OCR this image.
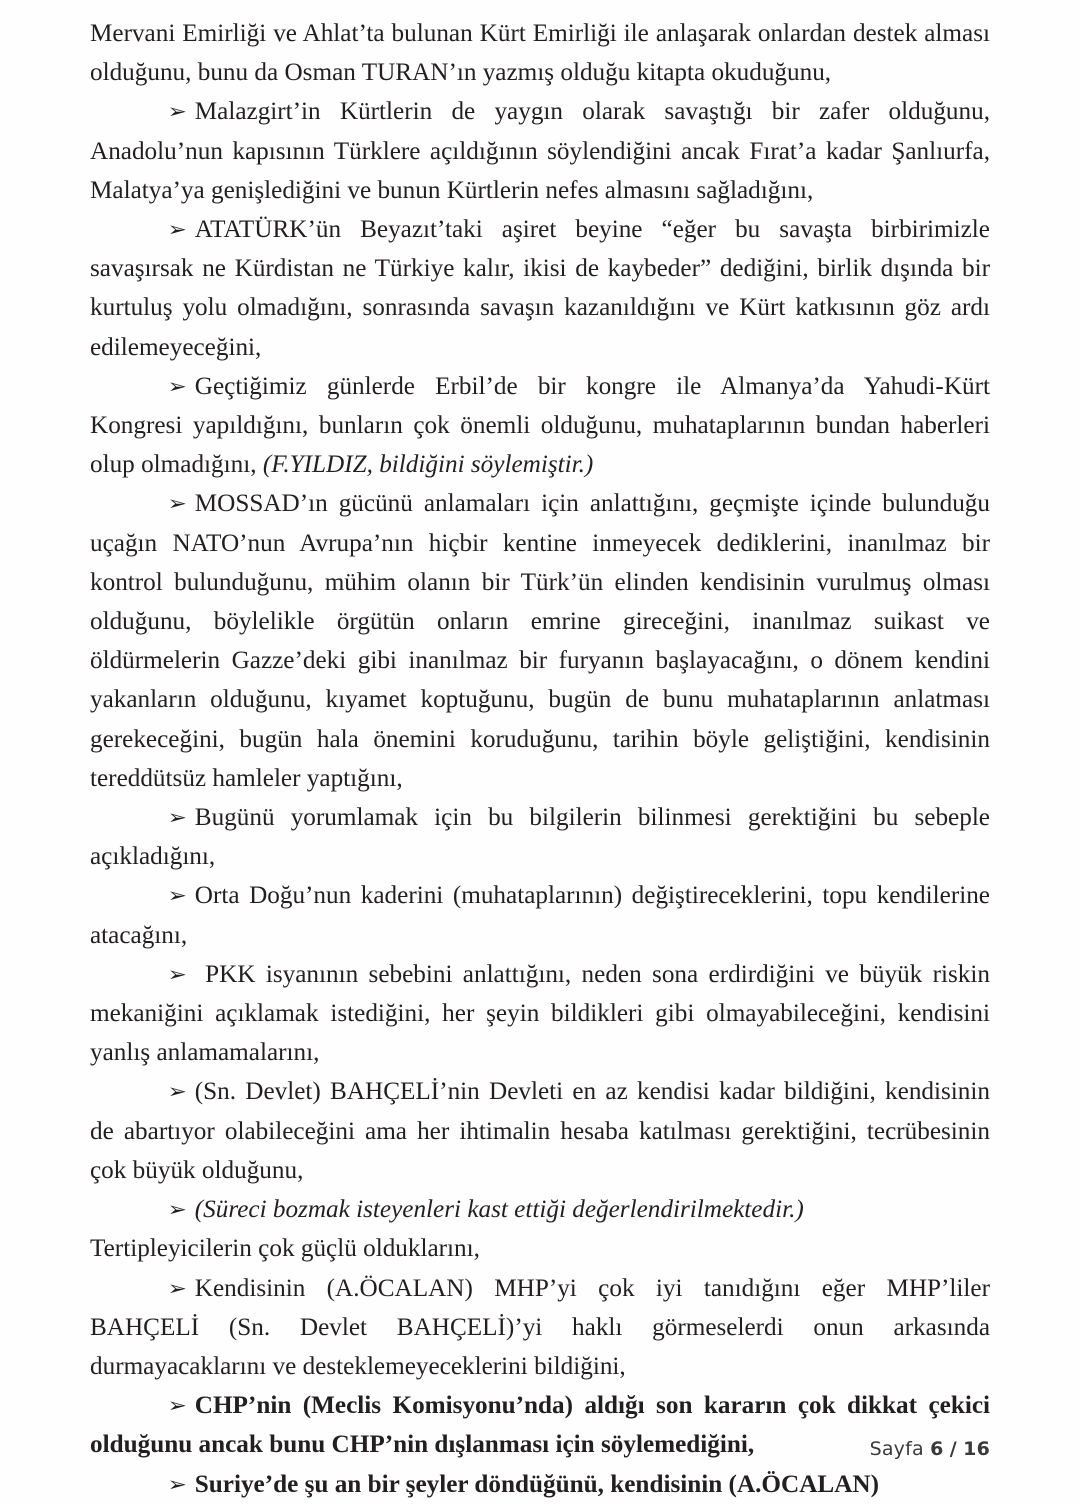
Mervani Emirliği ve Ahlat’ta bulunan Kürt Emirliği ile anlaşarak onlardan destek alması olduğunu, bunu da Osman TURAN’ın yazmış olduğu kitapta okuduğunu,

➢ Malazgirt’in Kürtlerin de yaygın olarak savaştığı bir zafer olduğunu, Anadolu’nun kapısının Türklere açıldığının söylendiğini ancak Fırat’a kadar Şanlıurfa, Malatya’ya genişlediğini ve bunun Kürtlerin nefes almasını sağladığını,

➢ ATATÜRK’ün Beyazıt’taki aşiret beyine “eğer bu savaşta birbirimizle savaşırsak ne Kürdistan ne Türkiye kalır, ikisi de kaybeder” dediğini, birlik dışında bir kurtuluş yolu olmadığını, sonrasında savaşın kazanıldığını ve Kürt katkısının göz ardı edilemeyeceğini,

➢ Geçtiğimiz günlerde Erbil’de bir kongre ile Almanya’da Yahudi-Kürt Kongresi yapıldığını, bunların çok önemli olduğunu, muhataplarının bundan haberleri olup olmadığını, (F.YILDIZ, bildiğini söylemiştir.)

➢ MOSSAD’ın gücünü anlamaları için anlattığını, geçmişte içinde bulunduğu uçağın NATO’nun Avrupa’nın hiçbir kentine inmeyecek dediklerini, inanılmaz bir kontrol bulunduğunu, mühim olanın bir Türk’ün elinden kendisinin vurulmuş olması olduğunu, böylelikle örgütün onların emrine gireceğini, inanılmaz suikast ve öldürmelerin Gazze’deki gibi inanılmaz bir furyanın başlayacağını, o dönem kendini yakanların olduğunu, kıyamet koptuğunu, bugün de bunu muhataplarının anlatması gerekeceğini, bugün hala önemini koruduğunu, tarihin böyle geliştiğini, kendisinin tereddütsüz hamleler yaptığını,

➢ Bugünü yorumlamak için bu bilgilerin bilinmesi gerektiğini bu sebeple açıkladığını,

➢ Orta Doğu’nun kaderini (muhataplarının) değiştireceklerini, topu kendilerine atacağını,

➢ PKK isyanının sebebini anlattığını, neden sona erdirdiğini ve büyük riskin mekaniğini açıklamak istediğini, her şeyin bildikleri gibi olmayabileceğini, kendisini yanlış anlamamalarını,

➢ (Sn. Devlet) BAHÇELİ’nin Devleti en az kendisi kadar bildiğini, kendisinin de abartıyor olabileceğini ama her ihtimalin hesaba katılması gerektiğini, tecrübesinin çok büyük olduğunu,

➢ (Süreci bozmak isteyenleri kast ettiği değerlendirilmektedir.)
Tertipleyicilerin çok güçlü olduklarını,

➢ Kendisinin (A.ÖCALAN) MHP’yi çok iyi tanıdığını eğer MHP’liler BAHÇELİ (Sn. Devlet BAHÇELİ)’yi haklı görmeselerdi onun arkasında durmayacaklarını ve desteklemeyeceklerini bildiğini,

➢ CHP’nin (Meclis Komisyonu’nda) aldığı son kararın çok dikkat çekici olduğunu ancak bunu CHP’nin dışlanması için söylemediğini,

➢ Suriye’de şu an bir şeyler döndüğünü, kendisinin (A.ÖCALAN)

Sayfa 6 / 16
